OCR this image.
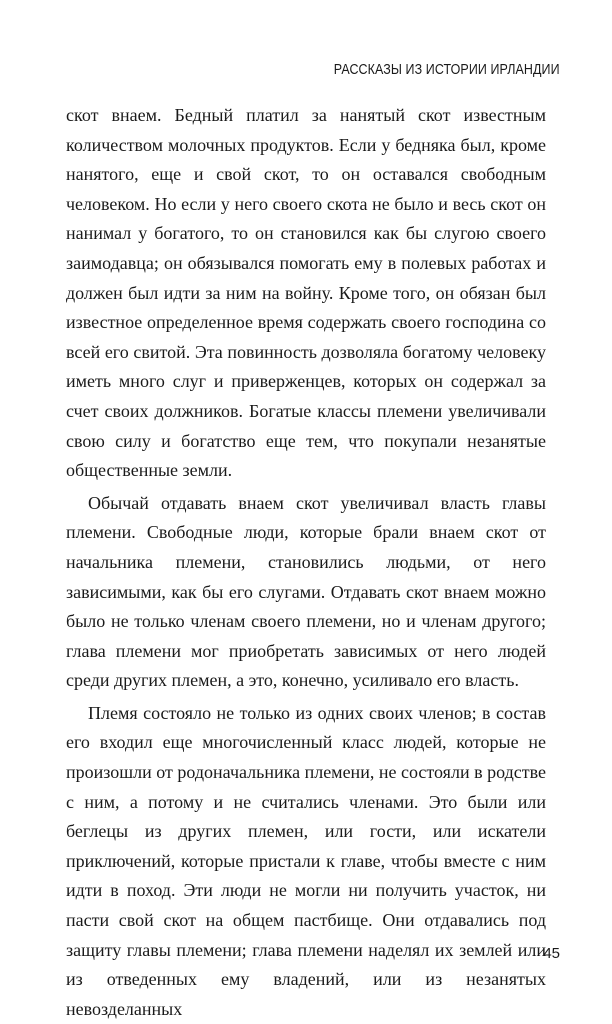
РАССКАЗЫ ИЗ ИСТОРИИ ИРЛАНДИИ

скот внаем. Бедный платил за нанятый скот известным количеством молочных продуктов. Если у бедняка был, кроме нанятого, еще и свой скот, то он оставался свободным человеком. Но если у него своего скота не было и весь скот он нанимал у богатого, то он становился как бы слугою своего заимодавца; он обязывался помогать ему в полевых работах и должен был идти за ним на войну. Кроме того, он обязан был известное определенное время содержать своего господина со всей его свитой. Эта повинность дозволяла богатому человеку иметь много слуг и приверженцев, которых он содержал за счет своих должников. Богатые классы племени увеличивали свою силу и богатство еще тем, что покупали незанятые общественные земли.

Обычай отдавать внаем скот увеличивал власть главы племени. Свободные люди, которые брали внаем скот от начальника племени, становились людьми, от него зависимыми, как бы его слугами. Отдавать скот внаем можно было не только членам своего племени, но и членам другого; глава племени мог приобретать зависимых от него людей среди других племен, а это, конечно, усиливало его власть.

Племя состояло не только из одних своих членов; в состав его входил еще многочисленный класс людей, которые не произошли от родоначальника племени, не состояли в родстве с ним, а потому и не считались членами. Это были или беглецы из других племен, или гости, или искатели приключений, которые пристали к главе, чтобы вместе с ним идти в поход. Эти люди не могли ни получить участок, ни пасти свой скот на общем пастбище. Они отдавались под защиту главы племени; глава племени наделял их землей или из отведенных ему владений, или из незанятых невозделанных

45
